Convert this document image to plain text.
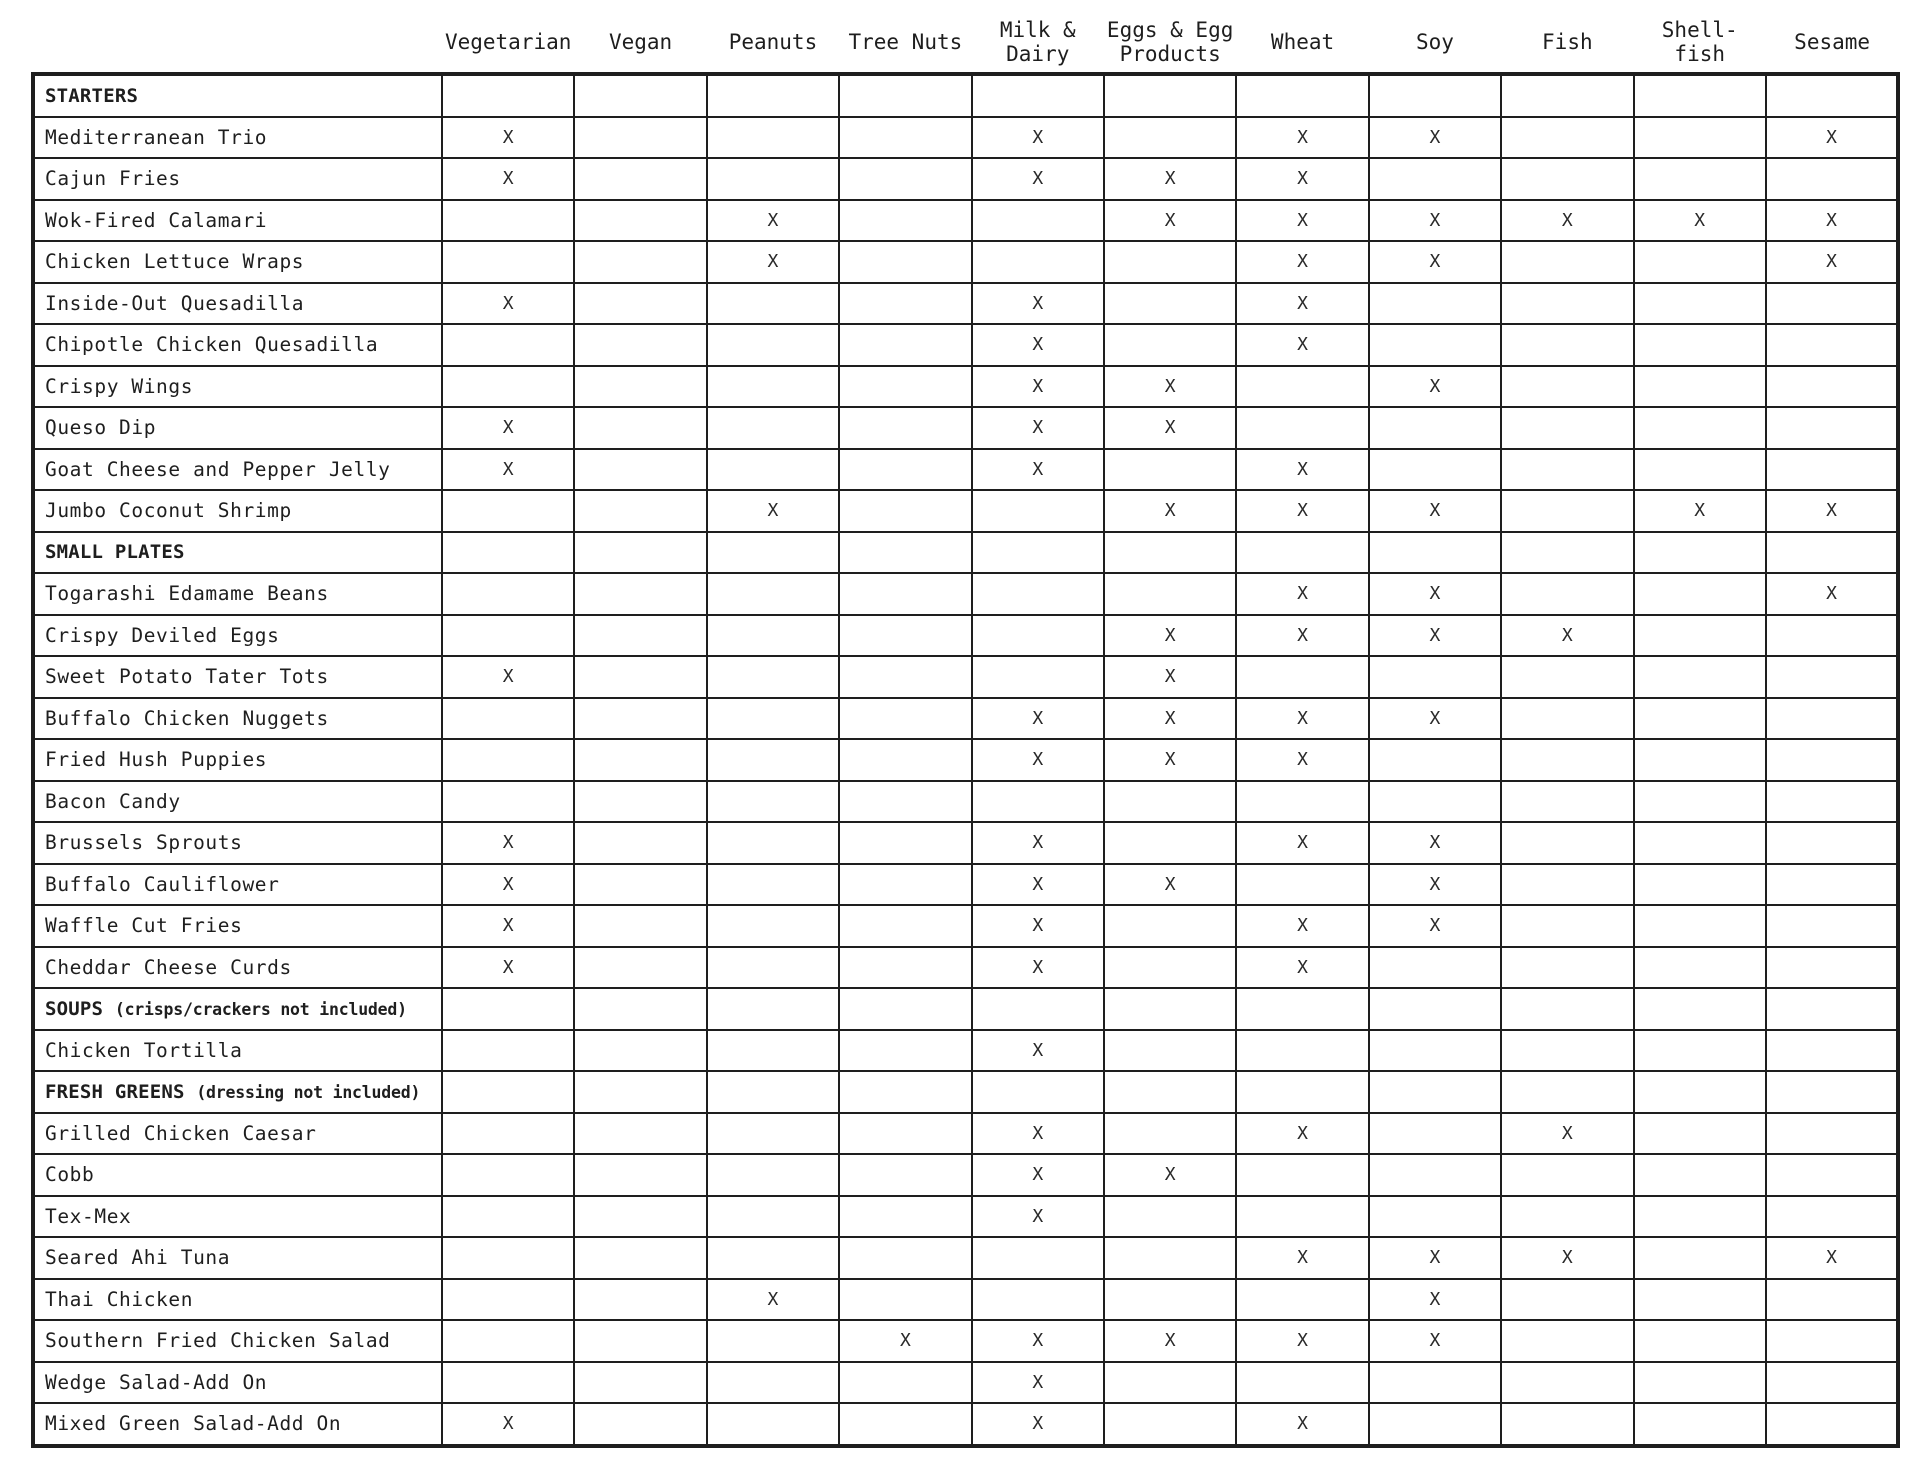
	Vegetarian	Vegan	Peanuts	Tree Nuts	Milk &
Dairy	Eggs & Egg
Products	Wheat	Soy	Fish	Shell-
fish	Sesame
STARTERS											
Mediterranean Trio	X				X		X	X			X
Cajun Fries	X				X	X	X				
Wok-Fired Calamari			X			X	X	X	X	X	X
Chicken Lettuce Wraps			X				X	X			X
Inside-Out Quesadilla	X				X		X				
Chipotle Chicken Quesadilla					X		X				
Crispy Wings					X	X		X			
Queso Dip	X				X	X					
Goat Cheese and Pepper Jelly	X				X		X				
Jumbo Coconut Shrimp			X			X	X	X		X	X
SMALL PLATES											
Togarashi Edamame Beans							X	X			X
Crispy Deviled Eggs						X	X	X	X		
Sweet Potato Tater Tots	X					X					
Buffalo Chicken Nuggets					X	X	X	X			
Fried Hush Puppies					X	X	X				
Bacon Candy											
Brussels Sprouts	X				X		X	X			
Buffalo Cauliflower	X				X	X		X			
Waffle Cut Fries	X				X		X	X			
Cheddar Cheese Curds	X				X		X				
SOUPS (crisps/crackers not included)											
Chicken Tortilla					X						
FRESH GREENS (dressing not included)											
Grilled Chicken Caesar					X		X		X		
Cobb					X	X					
Tex-Mex					X						
Seared Ahi Tuna							X	X	X		X
Thai Chicken			X					X			
Southern Fried Chicken Salad				X	X	X	X	X			
Wedge Salad-Add On					X						
Mixed Green Salad-Add On	X				X		X				
